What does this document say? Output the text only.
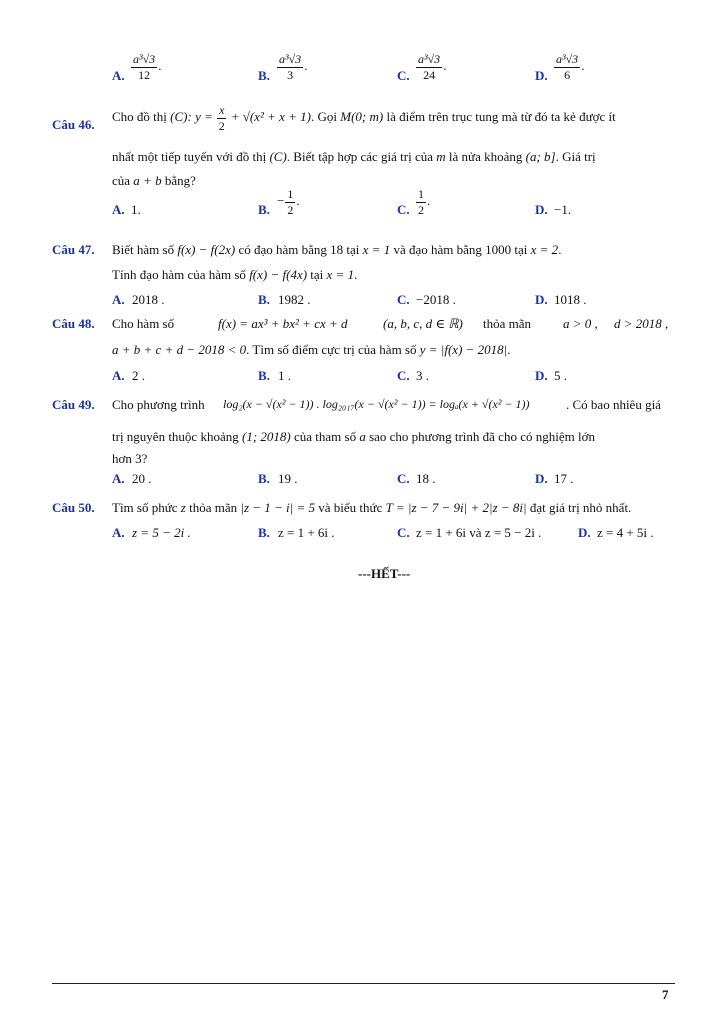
A. $\frac{\text{a³√3}}{12}$ .
B. $\frac{\text{a³√3}}{3}$ .
C. $\frac{\text{a³√3}}{24}$ .
D. $\frac{\text{a³√3}}{6}$ .
Câu 46.
Cho đồ thị (C): $y = \frac{x}{2} + √(x^2 + x + 1)$. Gọi M(0; m) là điểm trên trục tung mà từ đó ta kẻ được ít
nhất một tiếp tuyến với đồ thị (C). Biết tập hợp các giá trị của m là nửa khoảng (a; b]. Giá trị
của a + b bằng?
A. 1.	B.
− $\frac{1}{2}$ .
C. $\frac{1}{2}$ .
D. −1.
Câu 47. Biết hàm số f(x) − f(2x) có đạo hàm bằng 18 tại x = 1 và đạo hàm bằng 1000 tại x = 2.
Tính đạo hàm của hàm số f(x) − f(4x) tại x = 1.
A. 2018 .	B. 1982 .	C. −2018 .	D. 1018 .
Câu 48. Cho hàm số	f(x) = ax³ + bx² + cx + d	(a, b, c, d ∈ ℝ) thỏa mãn a > 0 , d > 2018 ,
a + b + c + d − 2018 < 0. Tìm số điểm cực trị của hàm số y = |f(x) − 2018|.
A. 2 .	B. 1 .	C. 3 .	D. 5 .
Câu 49. Cho phương trình log₂(x − √(x² − 1)) . log₂₀₁₇(x − √(x² − 1)) = logₐ(x + √(x² − 1))	. Có bao nhiêu giá
trị nguyên thuộc khoảng (1; 2018) của tham số a sao cho phương trình đã cho có nghiệm lớn
hơn 3?
A. 20 .	B. 19 .	C. 18 .	D. 17 .
Câu 50. Tìm số phức z thỏa mãn |z − 1 − i| = 5 và biểu thức T = |z − 7 − 9i| + 2|z − 8i| đạt giá trị nhỏ nhất.
A. z = 5 − 2i .	B. z = 1 + 6i .	C. z = 1 + 6i và z = 5 − 2i .	D. z = 4 + 5i .
---HẾT---
7
